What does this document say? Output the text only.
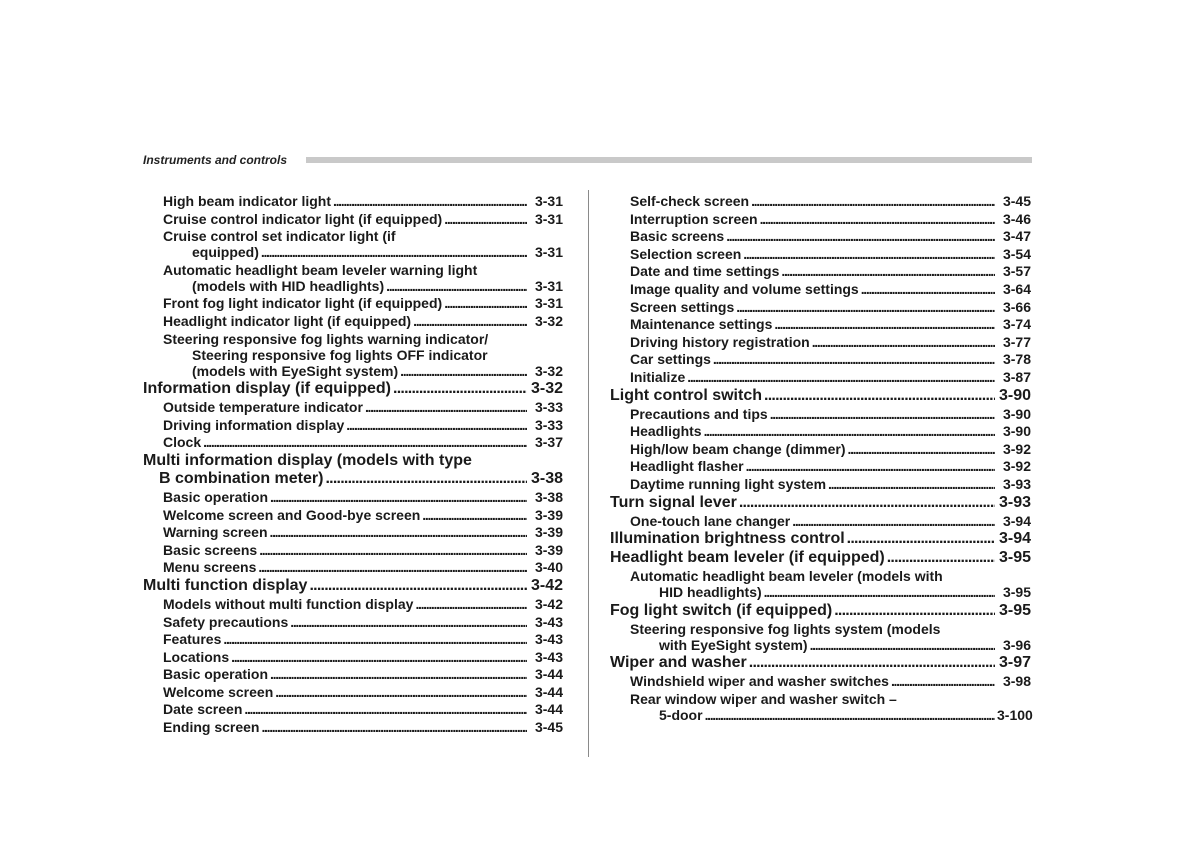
Instruments and controls
High beam indicator light . . .	3-31
Cruise control indicator light (if equipped) . . .	3-31
Cruise control set indicator light (if
equipped) . . .	3-31
Automatic headlight beam leveler warning light
(models with HID headlights) . . .	3-31
Front fog light indicator light (if equipped) . . .	3-31
Headlight indicator light (if equipped) . . .	3-32
Steering responsive fog lights warning indicator/
Steering responsive fog lights OFF indicator
(models with EyeSight system) . . .	3-32
Information display (if equipped) . . .	3-32
Outside temperature indicator . . .	3-33
Driving information display . . .	3-33
Clock . . .	3-37
Multi information display (models with type
B combination meter) . . .	3-38
Basic operation . . .	3-38
Welcome screen and Good-bye screen . . .	3-39
Warning screen . . .	3-39
Basic screens . . .	3-39
Menu screens . . .	3-40
Multi function display . . .	3-42
Models without multi function display . . .	3-42
Safety precautions . . .	3-43
Features . . .	3-43
Locations . . .	3-43
Basic operation . . .	3-44
Welcome screen . . .	3-44
Date screen . . .	3-44
Ending screen . . .	3-45
Self-check screen . . .	3-45
Interruption screen . . .	3-46
Basic screens . . .	3-47
Selection screen . . .	3-54
Date and time settings . . .	3-57
Image quality and volume settings . . .	3-64
Screen settings . . .	3-66
Maintenance settings . . .	3-74
Driving history registration . . .	3-77
Car settings . . .	3-78
Initialize . . .	3-87
Light control switch . . .	3-90
Precautions and tips . . .	3-90
Headlights . . .	3-90
High/low beam change (dimmer) . . .	3-92
Headlight flasher . . .	3-92
Daytime running light system . . .	3-93
Turn signal lever . . .	3-93
One-touch lane changer . . .	3-94
Illumination brightness control . . .	3-94
Headlight beam leveler (if equipped) . . .	3-95
Automatic headlight beam leveler (models with
HID headlights) . . .	3-95
Fog light switch (if equipped) . . .	3-95
Steering responsive fog lights system (models
with EyeSight system) . . .	3-96
Wiper and washer . . .	3-97
Windshield wiper and washer switches . . .	3-98
Rear window wiper and washer switch –
5-door . . .	3-100
